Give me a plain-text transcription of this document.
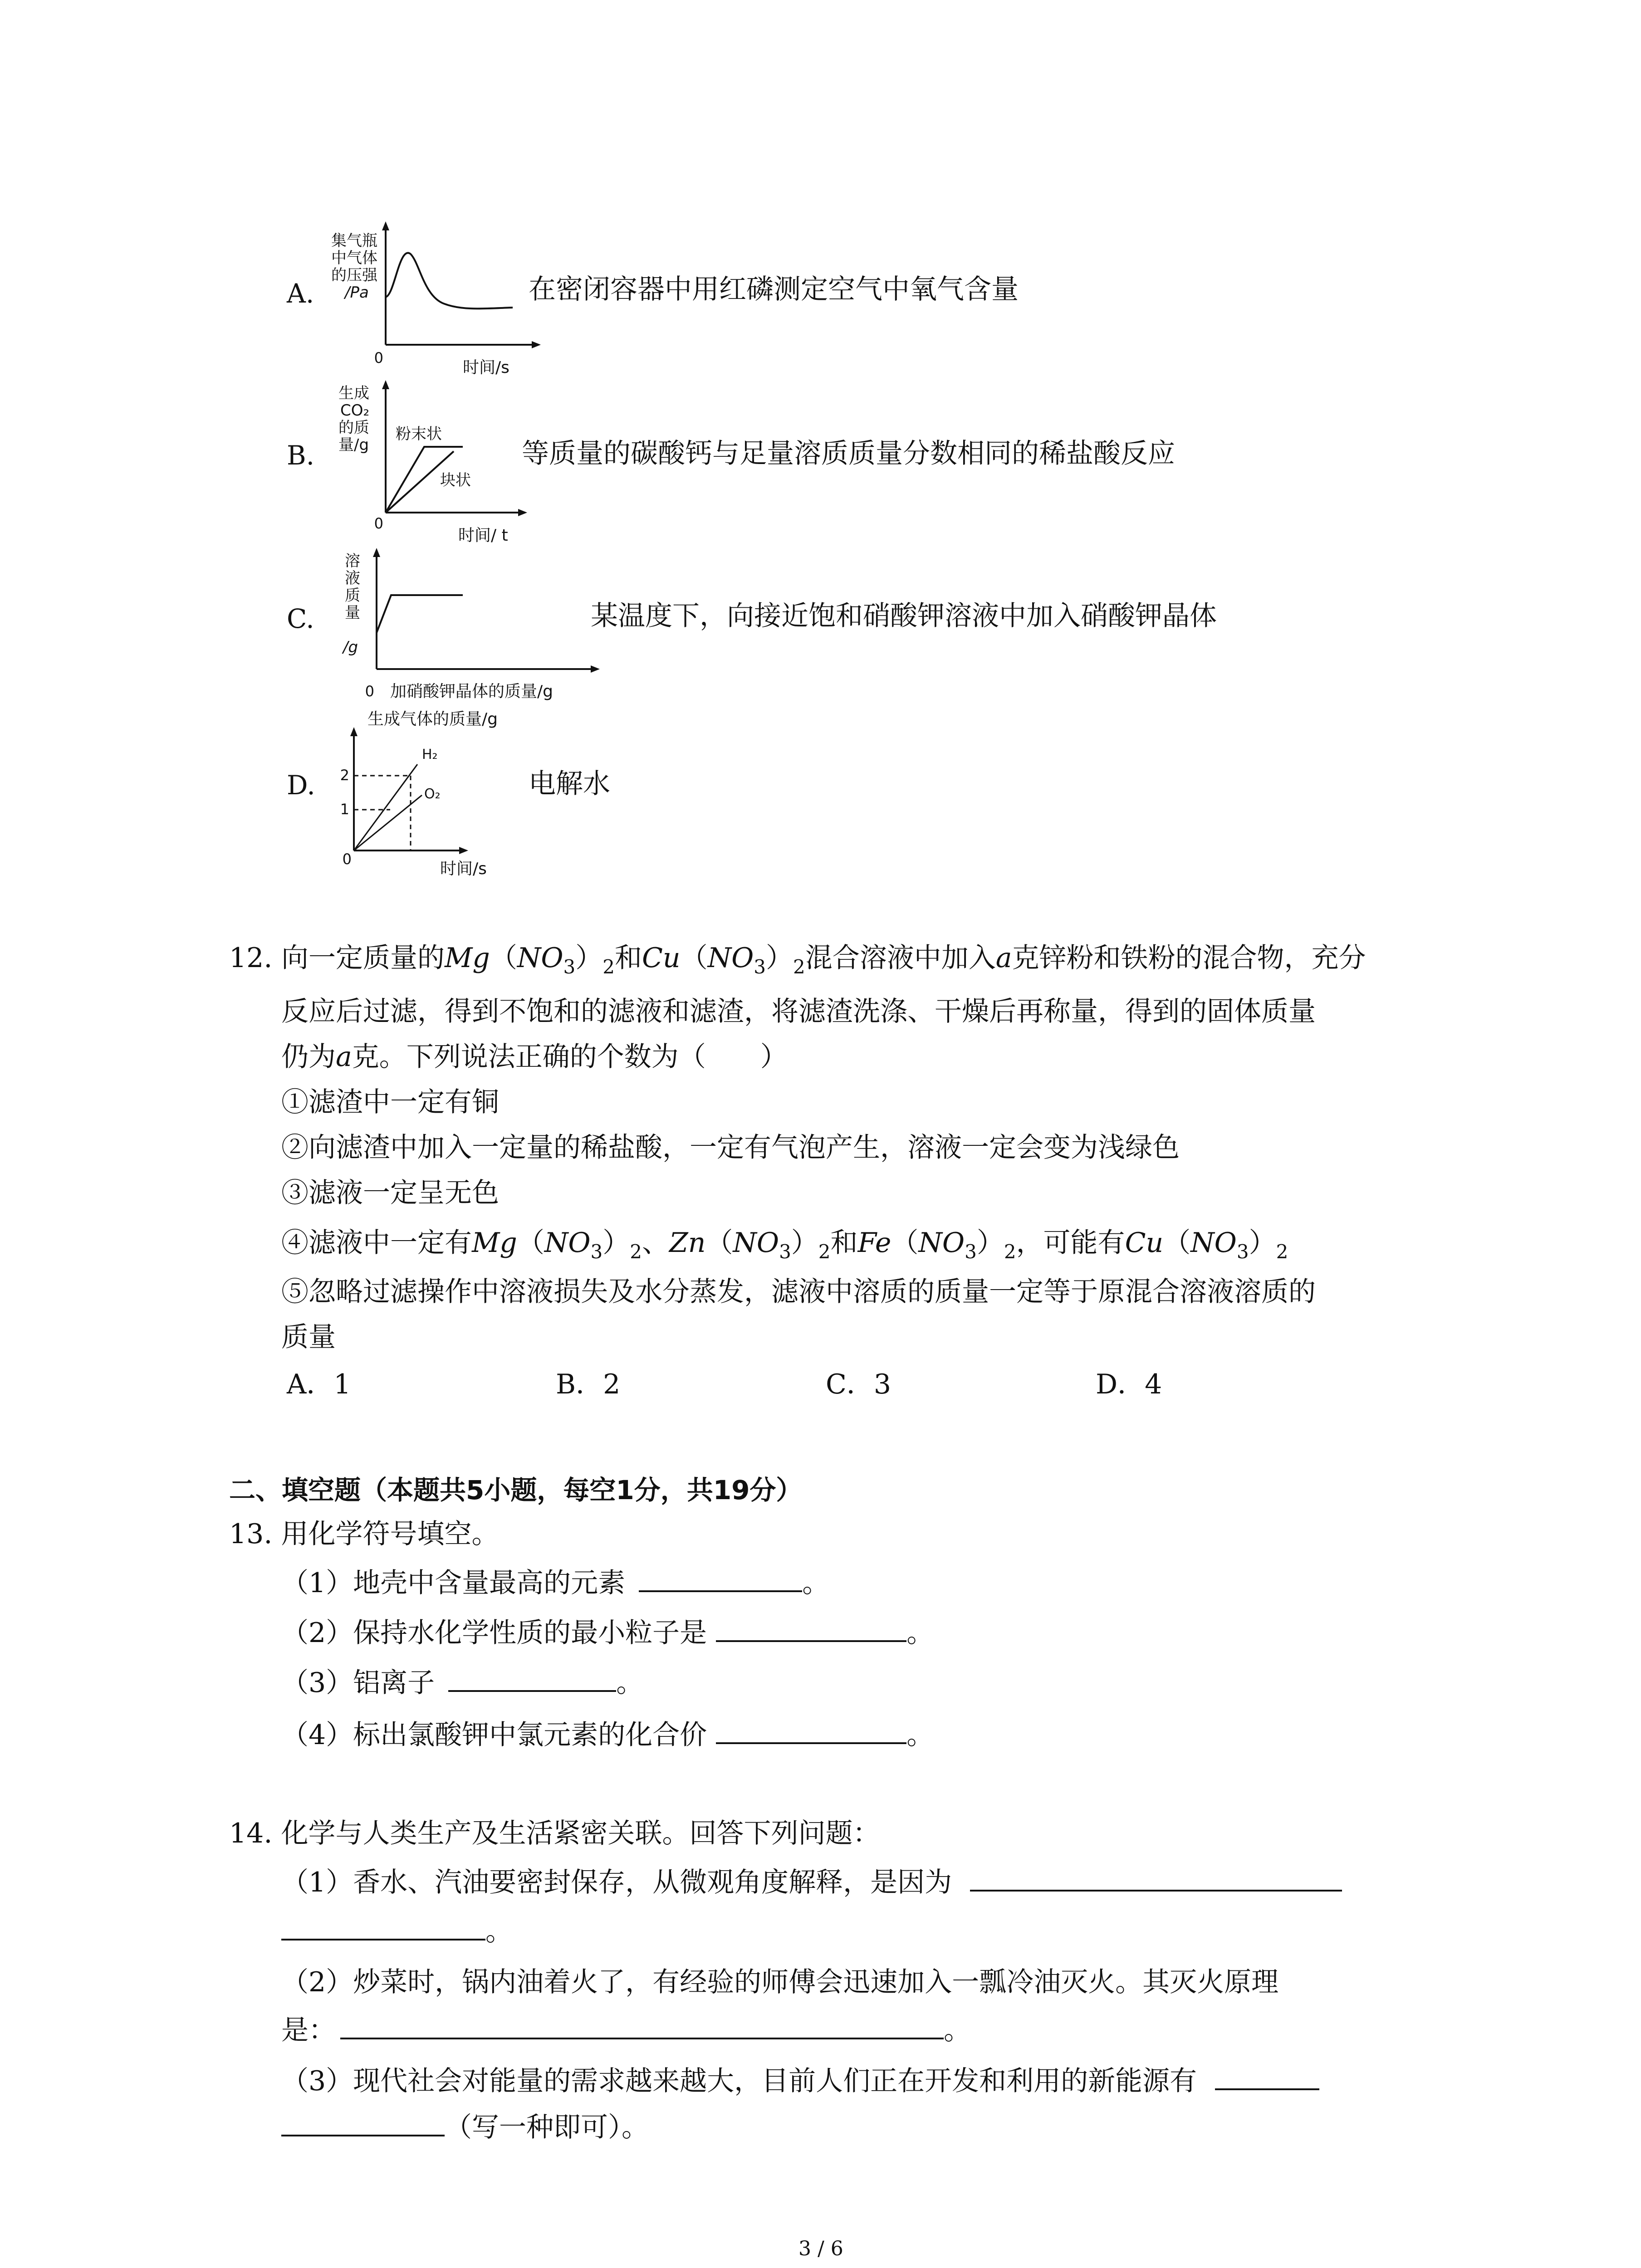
A.
集气瓶
中气体
的压强
/Pa
0
时间/s
在密闭容器中用红磷测定空气中氧气含量
B.
生成
CO₂
的质
量/g
粉末状
块状
0
时间/ t
等质量的碳酸钙与足量溶质质量分数相同的稀盐酸反应
C.
溶
液
质
量
/g
0 加硝酸钾晶体的质量/g
某温度下，向接近饱和硝酸钾溶液中加入硝酸钾晶体
D.
生成气体的质量/g
H₂
O₂
2
1
0
时间/s
电解水
12. 向一定质量的$Mg(NO_3)_2$和$Cu(NO_3)_2$混合溶液中加入a克锌粉和铁粉的混合物，充分
反应后过滤，得到不饱和的滤液和滤渣，将滤渣洗涤、干燥后再称量，得到的固体质量
仍为a克。下列说法正确的个数为（　　）
①滤渣中一定有铜
②向滤渣中加入一定量的稀盐酸，一定有气泡产生，溶液一定会变为浅绿色
③滤液一定呈无色
④滤液中一定有$Mg(NO_3)_2$、$Zn(NO_3)_2$和$Fe(NO_3)_2$，可能有$Cu(NO_3)_2$
⑤忽略过滤操作中溶液损失及水分蒸发，滤液中溶质的质量一定等于原混合溶液溶质的
质量
A．1	B．2	C．3	D．4
二、填空题（本题共5小题，每空1分，共19分）
13. 用化学符号填空。
（1）地壳中含量最高的元素	。
（2）保持水化学性质的最小粒子是	。
（3）铝离子	。
（4）标出氯酸钾中氯元素的化合价	。
14. 化学与人类生产及生活紧密关联。回答下列问题：
（1）香水、汽油要密封保存，从微观角度解释，是因为
。
（2）炒菜时，锅内油着火了，有经验的师傅会迅速加入一瓢冷油灭火。其灭火原理
是：	。
（3）现代社会对能量的需求越来越大，目前人们正在开发和利用的新能源有
（写一种即可）。
3 / 6
